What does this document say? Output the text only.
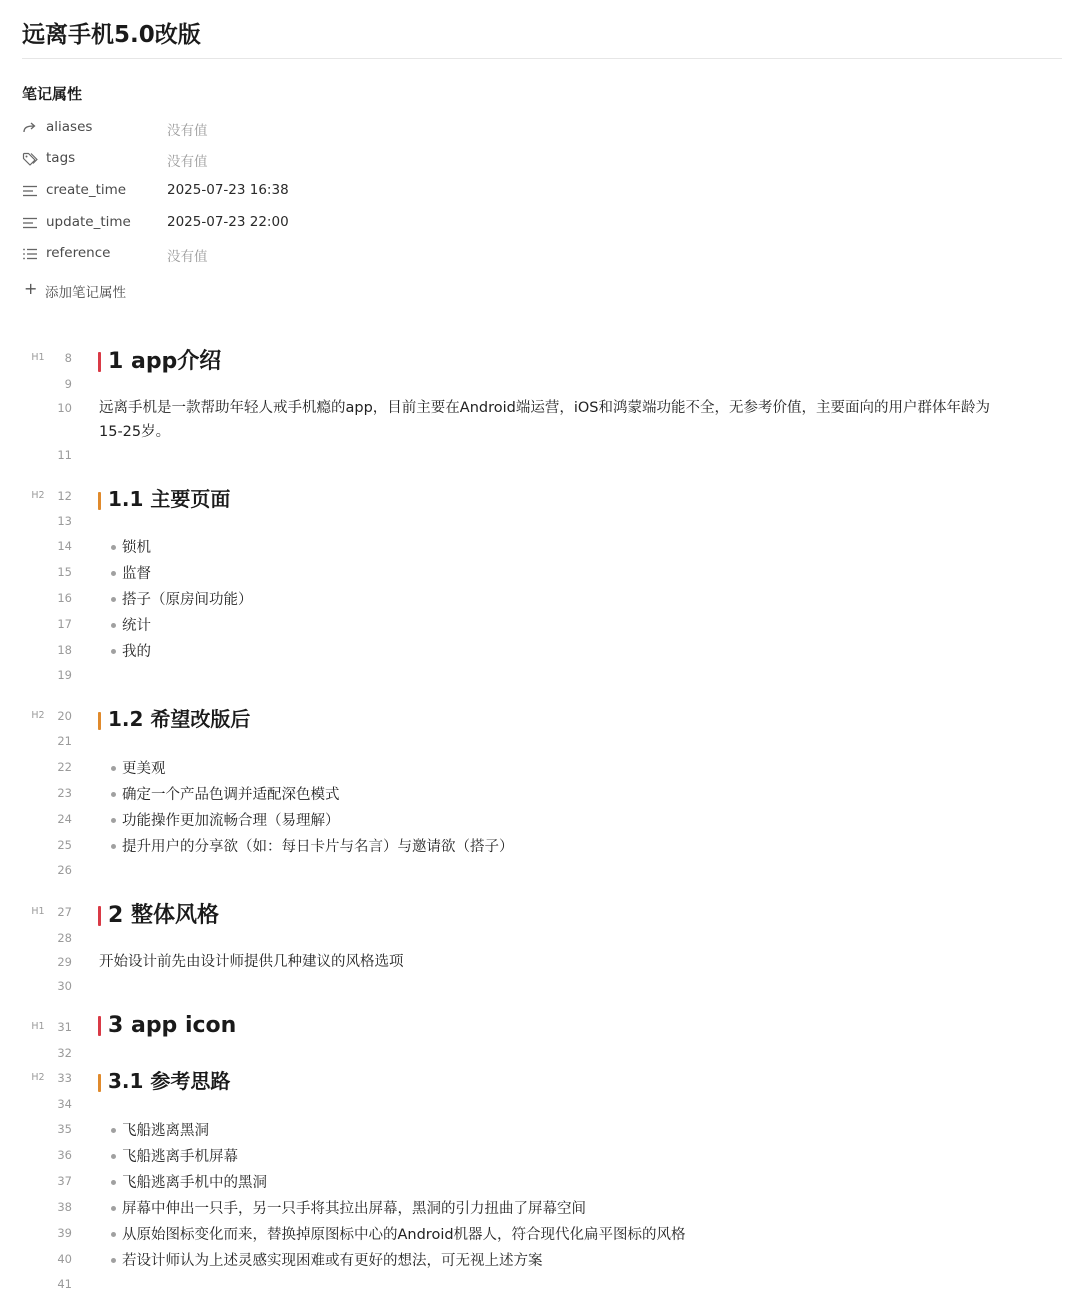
远离手机5.0改版
笔记属性
aliases	没有值
tags	没有值
create_time	2025-07-23 16:38
update_time	2025-07-23 22:00
reference	没有值
+ 添加笔记属性
H1	8	1 app介绍
9
10 远离手机是一款帮助年轻人戒手机瘾的app，目前主要在Android端运营，iOS和鸿蒙端功能不全，无参考价值，主要面向的用户群体年龄为
15-25岁。
11
H2	12	1.1 主要页面
13
14	锁机
15	监督
16	搭子（原房间功能）
17	统计
18	我的
19
H2	20	1.2 希望改版后
21
22	更美观
23	确定一个产品色调并适配深色模式
24	功能操作更加流畅合理（易理解）
25	提升用户的分享欲（如：每日卡片与名言）与邀请欲（搭子）
26
H1	27	2 整体风格
28
29 开始设计前先由设计师提供几种建议的风格选项
30
H1	31	3 app icon
32
H2	33	3.1 参考思路
34
35	飞船逃离黑洞
36	飞船逃离手机屏幕
37	飞船逃离手机中的黑洞
38	屏幕中伸出一只手，另一只手将其拉出屏幕，黑洞的引力扭曲了屏幕空间
39	从原始图标变化而来，替换掉原图标中心的Android机器人，符合现代化扁平图标的风格
40	若设计师认为上述灵感实现困难或有更好的想法，可无视上述方案
41
